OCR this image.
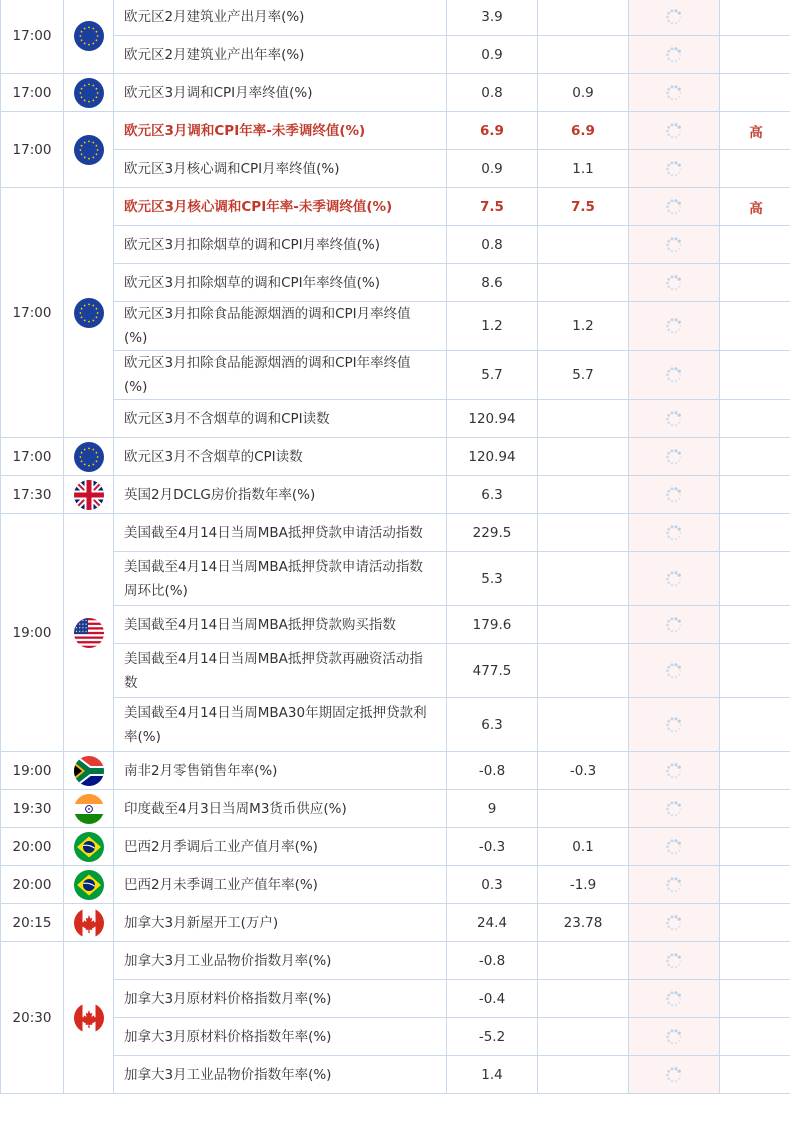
17:00		欧元区2月建筑业产出月率(%)	3.9		

		欧元区2月建筑业产出年率(%)	0.9		

17:00		欧元区3月调和CPI月率终值(%)	0.8	0.9	

17:00		欧元区3月调和CPI年率-未季调终值(%)	6.9	6.9		高
		欧元区3月核心调和CPI月率终值(%)	0.9	1.1	

17:00		欧元区3月核心调和CPI年率-未季调终值(%)	7.5	7.5		高
		欧元区3月扣除烟草的调和CPI月率终值(%)	0.8		

		欧元区3月扣除烟草的调和CPI年率终值(%)	8.6		

		欧元区3月扣除食品能源烟酒的调和CPI月率终值(%)	1.2	1.2	

		欧元区3月扣除食品能源烟酒的调和CPI年率终值(%)	5.7	5.7	

		欧元区3月不含烟草的调和CPI读数	120.94		

17:00		欧元区3月不含烟草的CPI读数	120.94		

17:30		英国2月DCLG房价指数年率(%)	6.3		

19:00		美国截至4月14日当周MBA抵押贷款申请活动指数	229.5		

		美国截至4月14日当周MBA抵押贷款申请活动指数周环比(%)	5.3		

		美国截至4月14日当周MBA抵押贷款购买指数	179.6		

		美国截至4月14日当周MBA抵押贷款再融资活动指数	477.5		

		美国截至4月14日当周MBA30年期固定抵押贷款利率(%)	6.3		

19:00		南非2月零售销售年率(%)	-0.8	-0.3	

19:30		印度截至4月3日当周M3货币供应(%)	9		

20:00		巴西2月季调后工业产值月率(%)	-0.3	0.1	

20:00		巴西2月未季调工业产值年率(%)	0.3	-1.9	

20:15		加拿大3月新屋开工(万户)	24.4	23.78	

20:30		加拿大3月工业品物价指数月率(%)	-0.8		

		加拿大3月原材料价格指数月率(%)	-0.4		

		加拿大3月原材料价格指数年率(%)	-5.2		

		加拿大3月工业品物价指数年率(%)	1.4		
